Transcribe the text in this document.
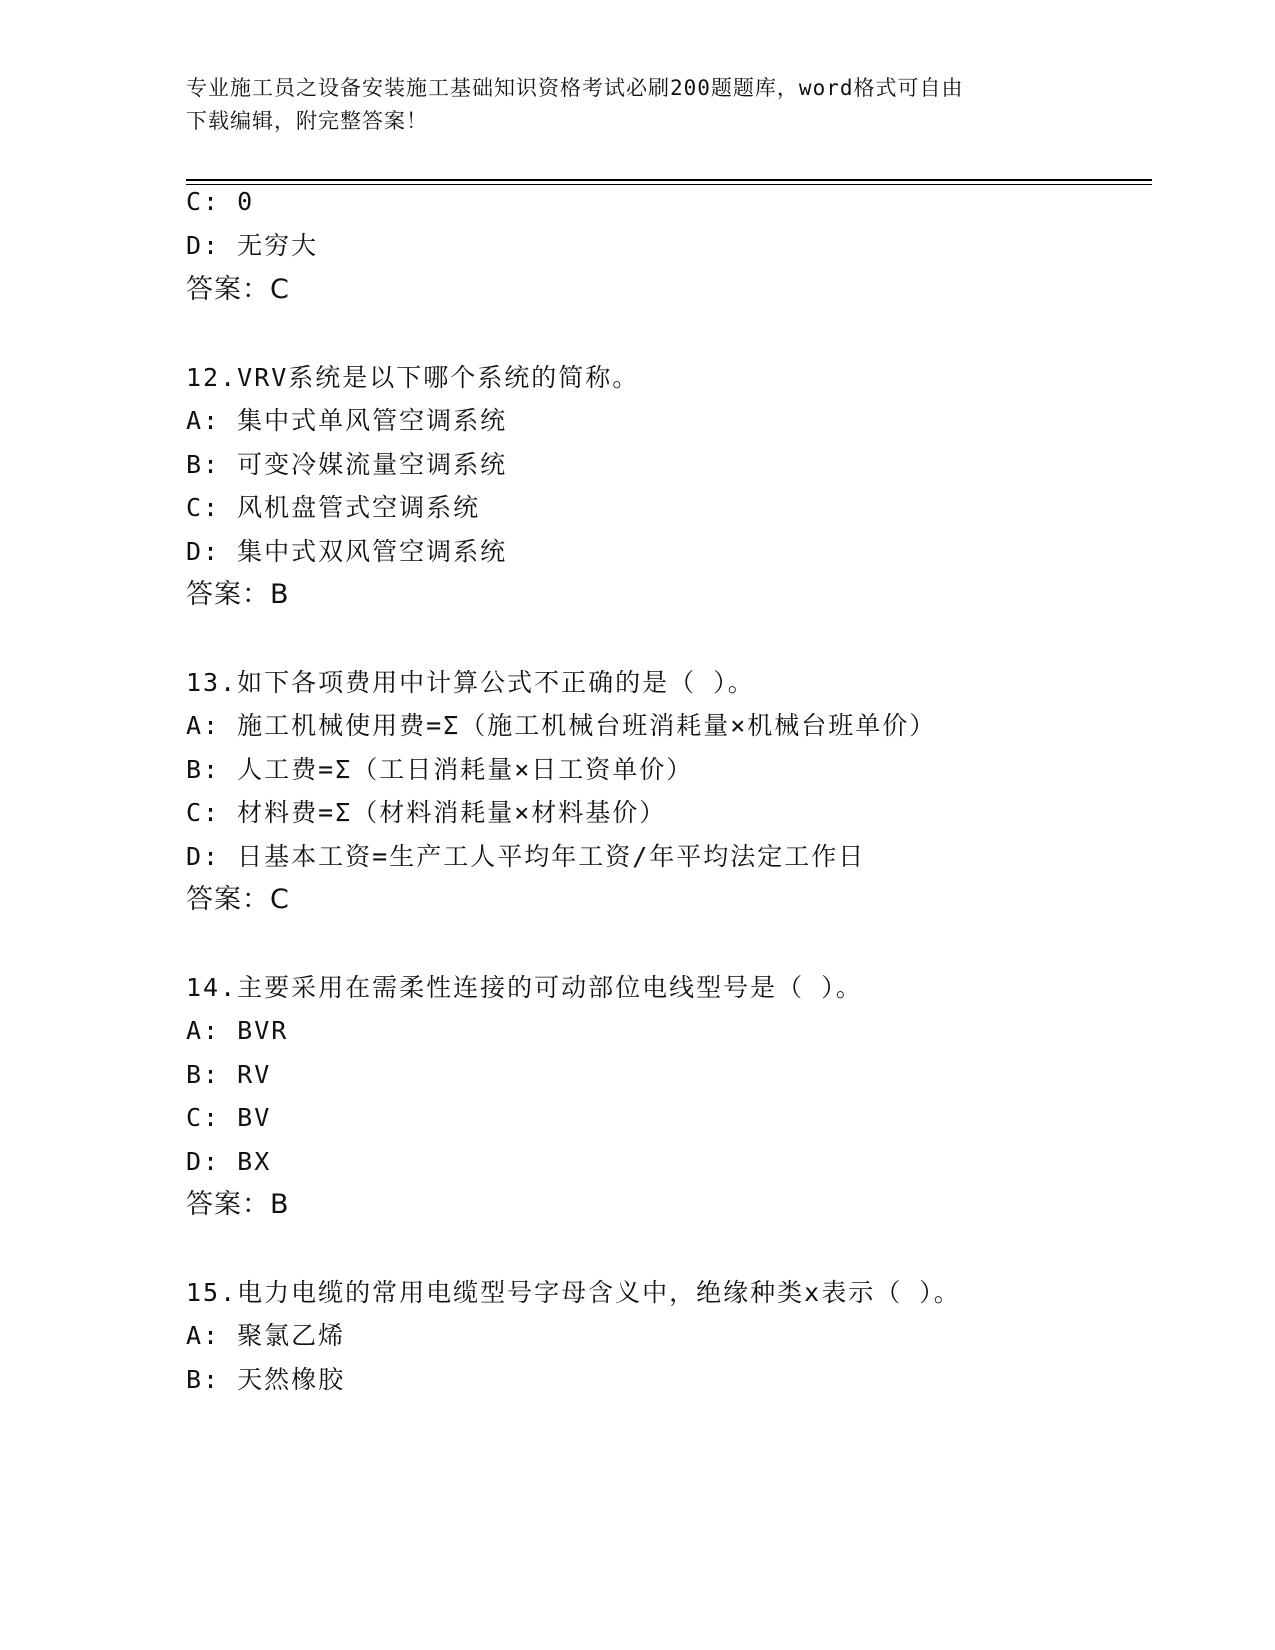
专业施工员之设备安装施工基础知识资格考试必刷200题题库，word格式可自由
下载编辑，附完整答案！
C: 0
D: 无穷大
答案：C
12.VRV系统是以下哪个系统的简称。
A: 集中式单风管空调系统
B: 可变冷媒流量空调系统
C: 风机盘管式空调系统
D: 集中式双风管空调系统
答案：B
13.如下各项费用中计算公式不正确的是（ ）。
A: 施工机械使用费=Σ（施工机械台班消耗量×机械台班单价）
B: 人工费=Σ（工日消耗量×日工资单价）
C: 材料费=Σ（材料消耗量×材料基价）
D: 日基本工资=生产工人平均年工资/年平均法定工作日
答案：C
14.主要采用在需柔性连接的可动部位电线型号是（ ）。
A: BVR
B: RV
C: BV
D: BX
答案：B
15.电力电缆的常用电缆型号字母含义中，绝缘种类x表示（ ）。
A: 聚氯乙烯
B: 天然橡胶
